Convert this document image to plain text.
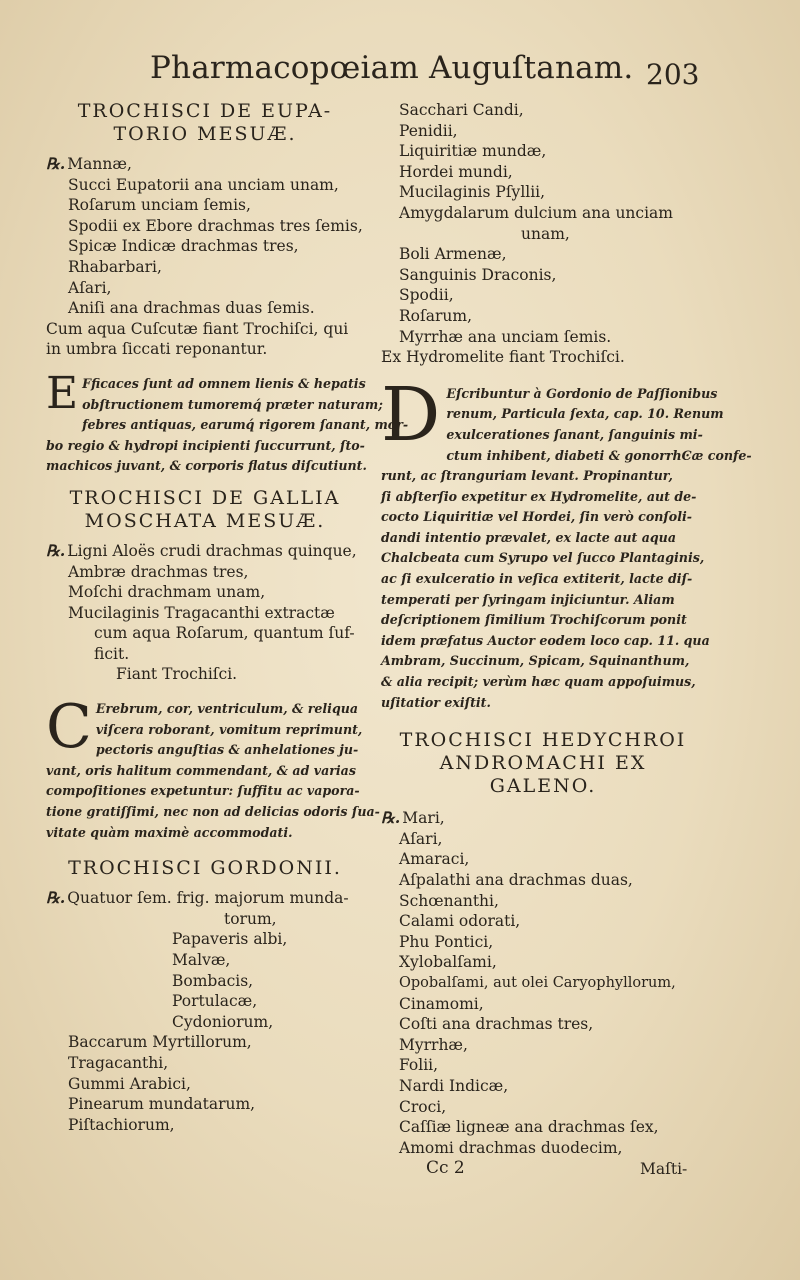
Pharmacopœiam Auguſtanam. 203
TROCHISCI DE EUPA-
TORIO MESUÆ.
℞. Mannæ,
Succi Eupatorii ana unciam unam,
Roſarum unciam ſemis,
Spodii ex Ebore drachmas tres ſemis,
Spicæ Indicæ drachmas tres,
Rhabarbari,
Aſari,
Aniſi ana drachmas duas ſemis.
Cum aqua Cuſcutæ fiant Trochiſci, qui
in umbra ſiccati reponantur.
E Fficaces ſunt ad omnem lienis & hepatis
obſtructionem tumoremq́ præter naturam;
febres antiquas, earumq́ rigorem ſanant, mor-
bo regio & hydropi incipienti ſuccurrunt, ſto-
machicos juvant, & corporis flatus diſcutiunt.
TROCHISCI DE GALLIA
MOSCHATA MESUÆ.
℞. Ligni Aloës crudi drachmas quinque,
Ambræ drachmas tres,
Moſchi drachmam unam,
Mucilaginis Tragacanthi extractæ
cum aqua Roſarum, quantum ſuf-
ficit.
Fiant Trochiſci.
C Erebrum, cor, ventriculum, & reliqua
viſcera roborant, vomitum reprimunt,
pectoris anguſtias & anhelationes ju-
vant, oris halitum commendant, & ad varias
compoſitiones expetuntur: ſuffitu ac vapora-
tione gratiſſimi, nec non ad delicias odoris ſua-
vitate quàm maximè accommodati.
TROCHISCI GORDONII.
℞. Quatuor ſem. frig. majorum munda-
torum,
Papaveris albi,
Malvæ,
Bombacis,
Portulacæ,
Cydoniorum,
Baccarum Myrtillorum,
Tragacanthi,
Gummi Arabici,
Pinearum mundatarum,
Piſtachiorum,
Sacchari Candi,
Penidii,
Liquiritiæ mundæ,
Hordei mundi,
Mucilaginis Pſyllii,
Amygdalarum dulcium ana unciam
unam,
Boli Armenæ,
Sanguinis Draconis,
Spodii,
Roſarum,
Myrrhæ ana unciam ſemis.
Ex Hydromelite fiant Trochiſci.
D Eſcribuntur à Gordonio de Paſſionibus
renum, Particula ſexta, cap. 10. Renum
exulcerationes ſanant, ſanguinis mi-
ctum inhibent, diabeti & gonorrhϾæ confe-
runt, ac ſtranguriam levant. Propinantur,
ſi abſterſio expetitur ex Hydromelite, aut de-
cocto Liquiritiæ vel Hordei, ſin verò conſoli-
dandi intentio prævalet, ex lacte aut aqua
Chalcbeata cum Syrupo vel ſucco Plantaginis,
ac ſi exulceratio in veſica extiterit, lacte diſ-
temperati per ſyringam injiciuntur. Aliam
deſcriptionem ſimilium Trochiſcorum ponit
idem præfatus Auctor eodem loco cap. 11. qua
Ambram, Succinum, Spicam, Squinanthum,
& alia recipit; verùm hæc quam appoſuimus,
uſitatior exiſtit.
TROCHISCI HEDYCHROI
ANDROMACHI EX
GALENO.
℞. Mari,
Aſari,
Amaraci,
Aſpalathi ana drachmas duas,
Schœnanthi,
Calami odorati,
Phu Pontici,
Xylobalſami,
Opobalſami, aut olei Caryophyllorum,
Cinamomi,
Coſti ana drachmas tres,
Myrrhæ,
Folii,
Nardi Indicæ,
Croci,
Caſſiæ ligneæ ana drachmas ſex,
Amomi drachmas duodecim,
Cc 2	Maſti-
